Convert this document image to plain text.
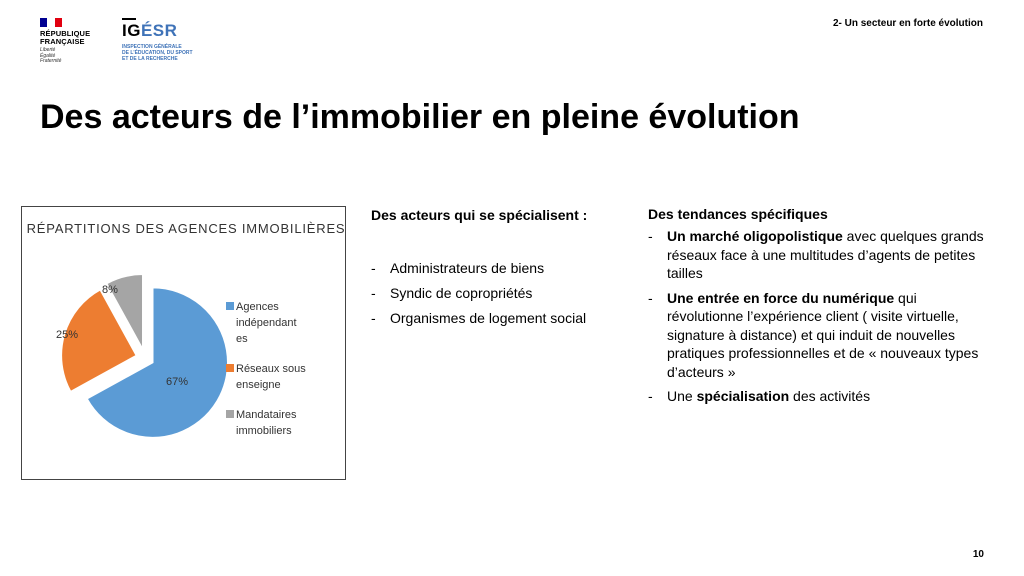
RÉPUBLIQUE
FRANÇAISE
Liberté
Égalité
Fraternité
IGÉSR
INSPECTION GÉNÉRALE
DE L'ÉDUCATION, DU SPORT
ET DE LA RECHERCHE
2- Un secteur en forte évolution
Des acteurs de l’immobilier en pleine évolution
RÉPARTITIONS DES AGENCES IMMOBILIÈRES
67%
25%
8%
Agences
indépendant
es
Réseaux sous
enseigne
Mandataires
immobiliers
Des acteurs qui se spécialisent :
-	Administrateurs de biens
-	Syndic de copropriétés
-	Organismes de logement social
Des tendances spécifiques
-	Un marché oligopolistique avec quelques grands réseaux face à une multitudes d’agents de petites tailles
-	Une entrée en force du numérique qui révolutionne l’expérience client ( visite virtuelle, signature à distance) et qui induit de nouvelles pratiques professionnelles et de « nouveaux types d’acteurs »
-	Une spécialisation des activités
10
